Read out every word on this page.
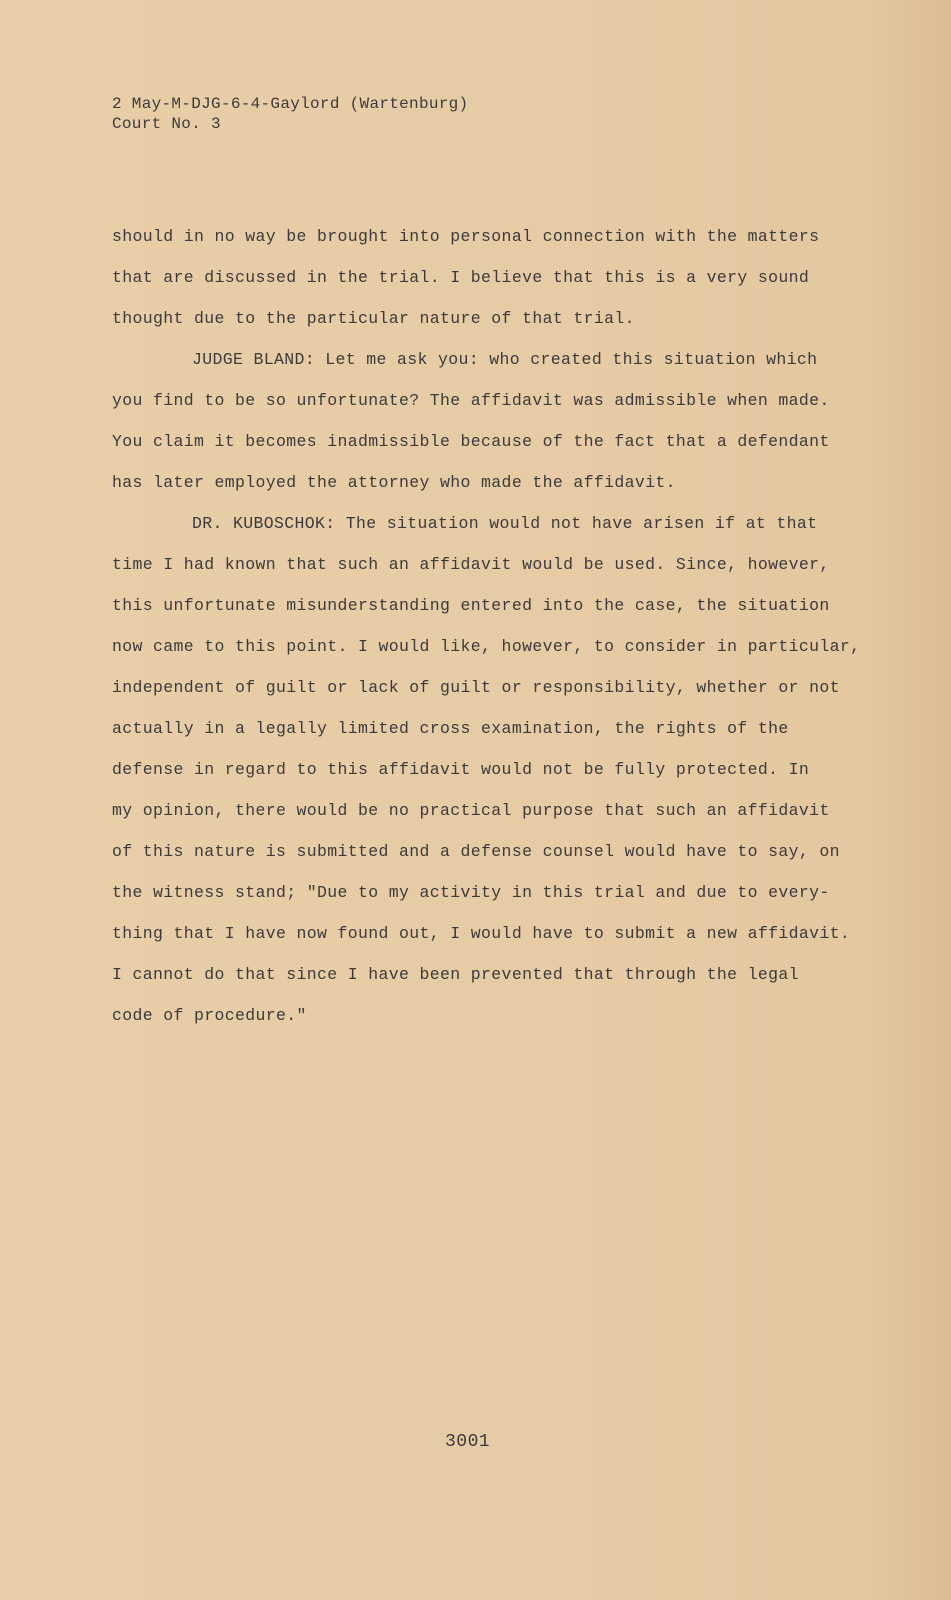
2 May-M-DJG-6-4-Gaylord (Wartenburg)
Court No. 3
should in no way be brought into personal connection with the matters
that are discussed in the trial. I believe that this is a very sound
thought due to the particular nature of that trial.
JUDGE BLAND: Let me ask you: who created this situation which
you find to be so unfortunate? The affidavit was admissible when made.
You claim it becomes inadmissible because of the fact that a defendant
has later employed the attorney who made the affidavit.
DR. KUBOSCHOK: The situation would not have arisen if at that
time I had known that such an affidavit would be used. Since, however,
this unfortunate misunderstanding entered into the case, the situation
now came to this point. I would like, however, to consider in particular,
independent of guilt or lack of guilt or responsibility, whether or not
actually in a legally limited cross examination, the rights of the
defense in regard to this affidavit would not be fully protected. In
my opinion, there would be no practical purpose that such an affidavit
of this nature is submitted and a defense counsel would have to say, on
the witness stand; "Due to my activity in this trial and due to every-
thing that I have now found out, I would have to submit a new affidavit.
I cannot do that since I have been prevented that through the legal
code of procedure."
3001
